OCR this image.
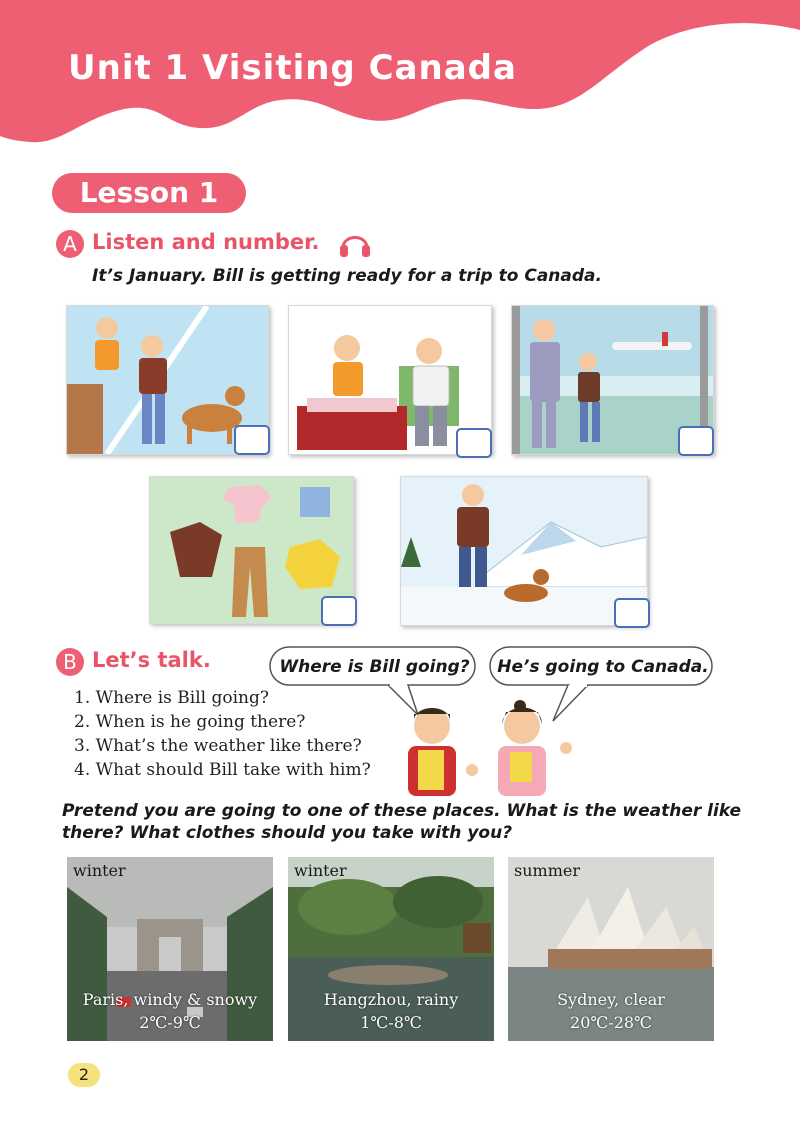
Unit 1 Visiting Canada
Lesson 1
A Listen and number.
It’s January. Bill is getting ready for a trip to Canada.
B Let’s talk.	Where is Bill going?	He’s going to Canada.
1. Where is Bill going?
2. When is he going there?
3. What’s the weather like there?
4. What should Bill take with him?
Pretend you are going to one of these places. What is the weather like there? What clothes should you take with you?
winter
Paris, windy & snowy
2℃-9℃
winter
Hangzhou, rainy
1℃-8℃
summer
Sydney, clear
20℃-28℃
2
